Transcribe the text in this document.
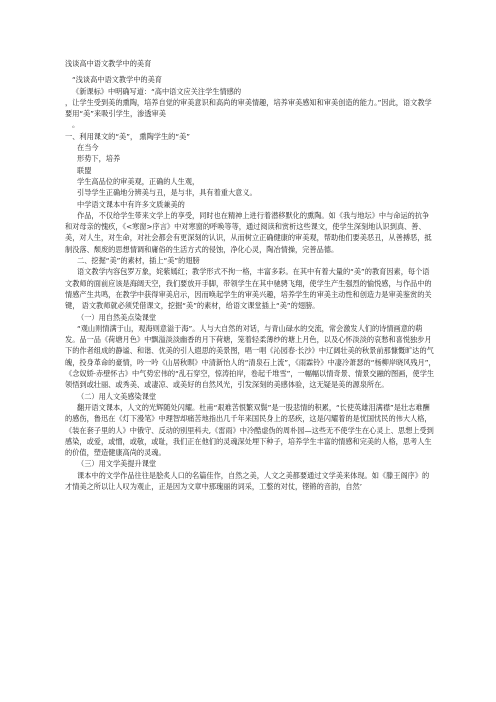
浅谈高中语文教学中的美育

“浅谈高中语文教学中的美育

《新课标》中明确写道：“高中语文应关注学生情感的

，让学生受到美的熏陶，培养自觉的审美意识和高尚的审美情趣，培养审美感知和审美创造的能力。”因此，语文教学要用“美”来吸引学生，渗透审美

。

一、利用课文的“美”， 熏陶学生的“美”

在当今

形势下，培养

联盟

学生高品位的审美观，正确的人生观，

引导学生正确地分辨美与丑，是与非，具有着重大意义。

中学语文课本中有许多文质兼美的

作品，不仅给学生带来文学上的享受，同时也在精神上进行着潜移默化的熏陶。如《我与地坛》中与命运的抗争和对母亲的愧疚，《<寒窗>序言》中对寒窗的呼唤等等，通过阅读和赏析这些课文，使学生深刻地认识到真、善、美，对人生，对生命，对社会都会有更深刻的认识，从而树立正确健康的审美观，帮助他们要美恶丑，从善搏恶，抵制没落、颓废的思想情调和庸俗的生活方式的侵蚀，净化心灵，陶冶情操，完善品德。

二、挖掘“美”的素材，插上“美”的翅膀

语文教学内容包罗万象，姹紫嫣红；教学形式不拘一格，丰富多彩。在其中有着大量的“美”的教育因素，每个语文教师的面前应该是海阔天空，我们要放开手脚，带领学生在其中驰骋飞翔，使学生产生强烈的愉悦感，与作品中的情感产生共鸣，在教学中获得审美启示，因而唤起学生的审美兴趣，培养学生的审美主动性和创造力是审美鉴赏的关键， 语文教师就必须凭借课文，挖掘“美”的素材，给语文课堂插上“美”的翅膀。

（一）用自然美点染课堂

“观山则情满于山，观海则意溢于海”。人与大自然的对话，与青山碌水的交流，常会激发人们的诗情画意的萌发。品一品《荷塘月色》中飘溢淡淡幽香的月下荷塘，笼着轻柔薄纱的塘上月色，以及心怀淡淡的哀愁和喜悦独步月下的作者组成的静谧、和谐、优美的引人遐思的美景图，唱一唱《沁园春·长沙》中辽阔壮美的秋景前那慷慨旷达的气魄，投身革命的豪情，吟一吟《山居秋暝》中清新怡人的“清泉石上流”，《雨霖铃》中凄冷萧瑟的“杨柳岸晓风残月”，《念奴娇·赤壁怀古》中气势宏伟的“乱石穿空，惊涛拍岸，卷起千堆雪”，一幅幅以情奇景、情景交融的图画，使学生领悟到或壮丽、或秀美、或凄凉、或美好的自然风光，引发深刻的美感体验，这无疑是美的源泉所在。

（二）用人文美感染课堂

翻开语文课本，人文的光辉随处闪耀。杜甫“艰难苦恨繁双鬓”是一股悲情的积累，“长使英雄泪满襟”是壮志难酬的感伤，鲁迅在《灯下漫笔》中理智却痛苦地指出几千年来国民身上的恶疾，这是闪耀着的是忧国忧民的伟大人格，《装在套子里的人》中俄守、反动的别里科夫,《雷雨》中冷酷虚伪的周朴园—这些无不使学生在心灵上、思想上受到感染，或爱，或憎，或敬，或耻，我们正在他们的灵魂深处埋下种子，培养学生丰富的情感和完美的人格，思考人生的价值，塑造健康高尚的灵魂。

（三）用文学美提升课堂

课本中的文学作品往往是脍炙人口的名篇佳作，自然之美，人文之美都要通过文学美来体现。如《滕王阁序》的才情美之所以让人叹为观止，正是因为文章中那瑰丽的词采，工整的对仗，铿锵的音韵，自然’
